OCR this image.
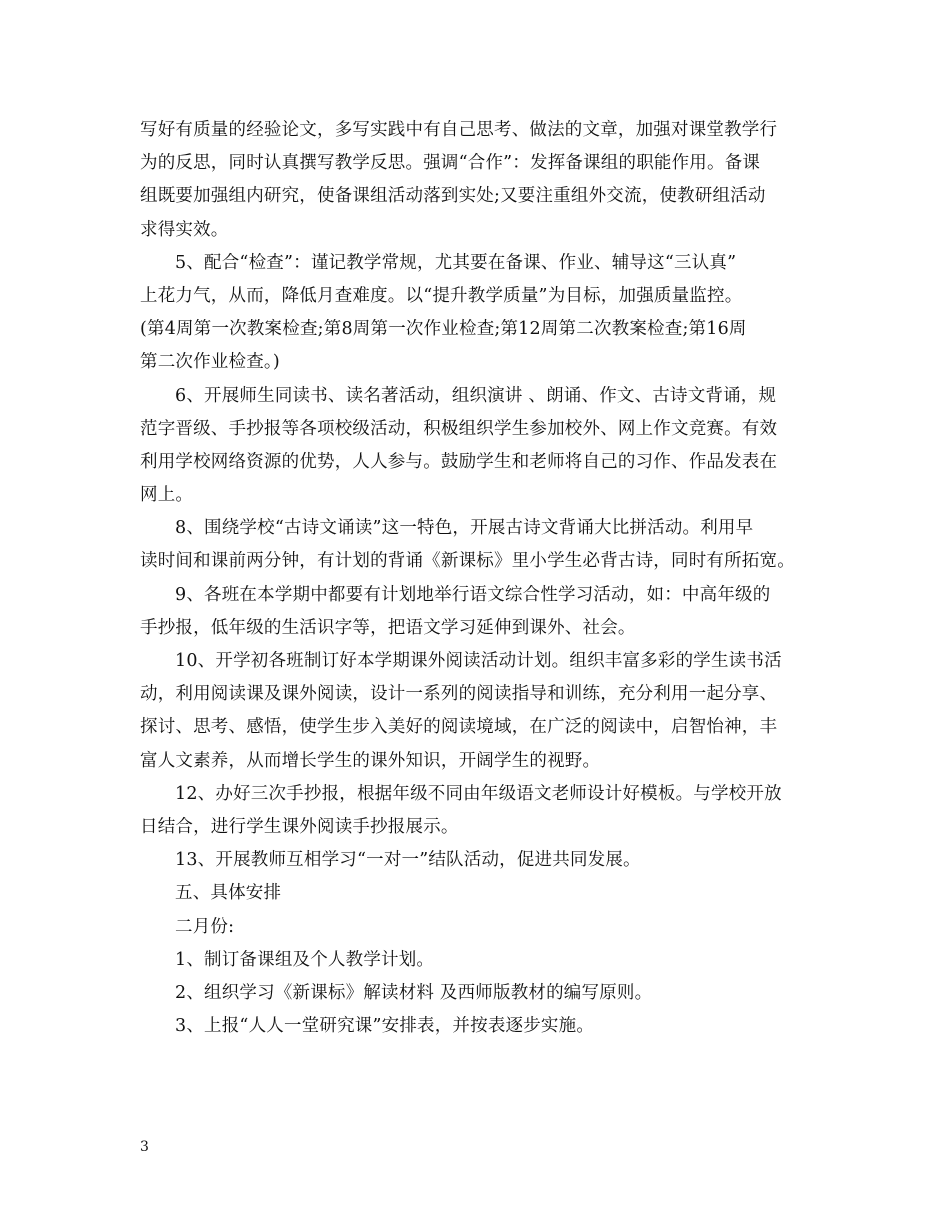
写好有质量的经验论文，多写实践中有自己思考、做法的文章，加强对课堂教学行
为的反思，同时认真撰写教学反思。强调“合作”：发挥备课组的职能作用。备课
组既要加强组内研究，使备课组活动落到实处;又要注重组外交流，使教研组活动
求得实效。
5、配合“检查”：谨记教学常规，尤其要在备课、作业、辅导这“三认真”
上花力气，从而，降低月查难度。以“提升教学质量”为目标，加强质量监控。
(第4周第一次教案检查;第8周第一次作业检查;第12周第二次教案检查;第16周
第二次作业检查。)
6、开展师生同读书、读名著活动，组织演讲 、朗诵、作文、古诗文背诵，规
范字晋级、手抄报等各项校级活动，积极组织学生参加校外、网上作文竞赛。有效
利用学校网络资源的优势，人人参与。鼓励学生和老师将自己的习作、作品发表在
网上。
8、围绕学校“古诗文诵读”这一特色，开展古诗文背诵大比拼活动。利用早
读时间和课前两分钟，有计划的背诵《新课标》里小学生必背古诗，同时有所拓宽。
9、各班在本学期中都要有计划地举行语文综合性学习活动，如：中高年级的
手抄报，低年级的生活识字等，把语文学习延伸到课外、社会。
10、开学初各班制订好本学期课外阅读活动计划。组织丰富多彩的学生读书活
动，利用阅读课及课外阅读，设计一系列的阅读指导和训练，充分利用一起分享、
探讨、思考、感悟，使学生步入美好的阅读境域，在广泛的阅读中，启智怡神，丰
富人文素养，从而增长学生的课外知识，开阔学生的视野。
12、办好三次手抄报，根据年级不同由年级语文老师设计好模板。与学校开放
日结合，进行学生课外阅读手抄报展示。
13、开展教师互相学习“一对一”结队活动，促进共同发展。
五、具体安排
二月份:
1、制订备课组及个人教学计划。
2、组织学习《新课标》解读材料 及西师版教材的编写原则。
3、上报“人人一堂研究课”安排表，并按表逐步实施。
3
